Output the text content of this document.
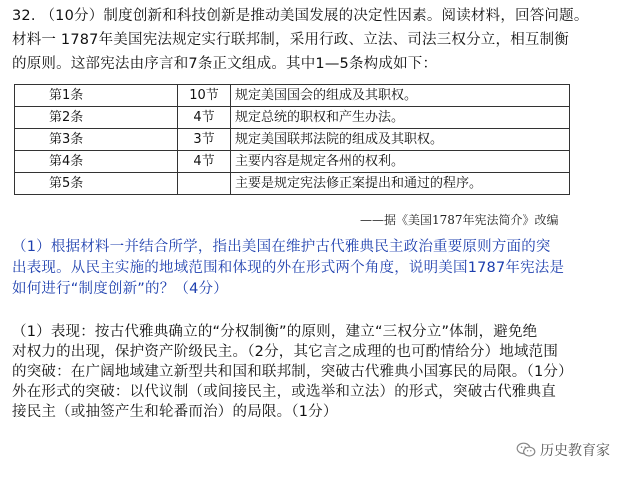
32. （10分）制度创新和科技创新是推动美国发展的决定性因素。阅读材料，回答问题。
材料一 1787年美国宪法规定实行联邦制，采用行政、立法、司法三权分立，相互制衡
的原则。这部宪法由序言和7条正文组成。其中1—5条构成如下：
第1条	10节	规定美国国会的组成及其职权。
第2条	4节	规定总统的职权和产生办法。
第3条	3节	规定美国联邦法院的组成及其职权。
第4条	4节	主要内容是规定各州的权利。
第5条		主要是规定宪法修正案提出和通过的程序。
——据《美国1787年宪法简介》改编
（1）根据材料一并结合所学，指出美国在维护古代雅典民主政治重要原则方面的突
出表现。从民主实施的地域范围和体现的外在形式两个角度，说明美国1787年宪法是
如何进行“制度创新”的？（4分）
（1）表现：按古代雅典确立的“分权制衡”的原则，建立“三权分立”体制，避免绝
对权力的出现，保护资产阶级民主。（2分，其它言之成理的也可酌情给分）地域范围
的突破：在广阔地域建立新型共和国和联邦制，突破古代雅典小国寡民的局限。（1分）
外在形式的突破：以代议制（或间接民主，或选举和立法）的形式，突破古代雅典直
接民主（或抽签产生和轮番而治）的局限。（1分）
历史教育家
